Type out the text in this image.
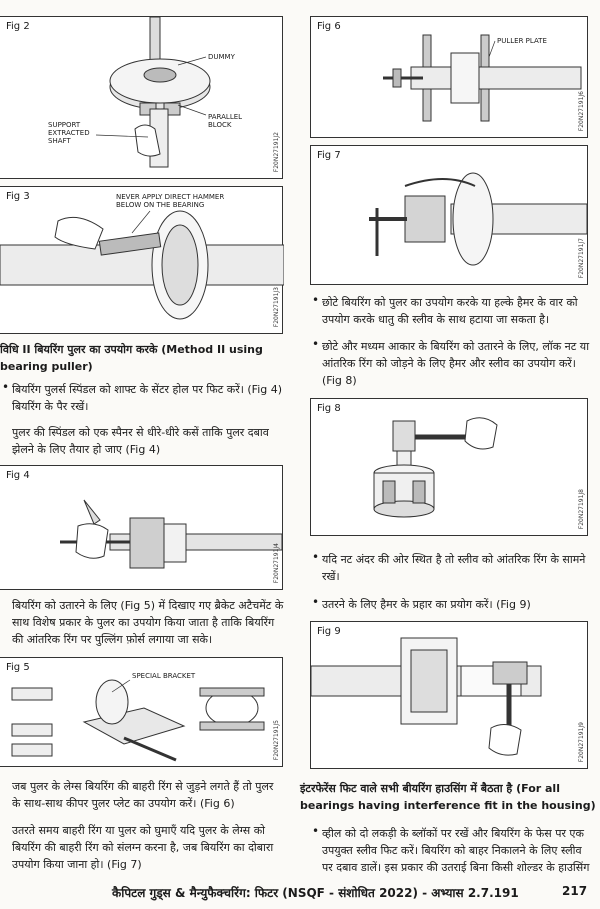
Fig 2
DUMMY
PARALLEL BLOCK
SUPPORT EXTRACTED SHAFT	F20N27191J2
Fig 3	NEVER APPLY DIRECT HAMMER BELOW ON THE BEARING
F20N27191J3
विधि II बियरिंग पुलर का उपयोग करके (Method II using
bearing puller)
• बियरिंग पुलर्स स्पिंडल को शाफ्ट के सेंटर होल पर फिट करें। (Fig 4)
बियरिंग के पैर रखें।
पुलर की स्पिंडल को एक स्पैनर से धीरे-धीरे कसें ताकि पुलर दबाव
झेलने के लिए तैयार हो जाए (Fig 4)
Fig 4
F20N27191J4
बियरिंग को उतारने के लिए (Fig 5) में दिखाए गए ब्रैकेट अटैचमेंट के
साथ विशेष प्रकार के पुलर का उपयोग किया जाता है ताकि बियरिंग
की आंतरिक रिंग पर पुल्लिंग फ़ोर्स लगाया जा सके।
Fig 5
SPECIAL BRACKET
F20N27191J5
जब पुलर के लेग्स बियरिंग की बाहरी रिंग से जुड़ने लगते हैं तो पुलर
के साथ-साथ कीपर पुलर प्लेट का उपयोग करें। (Fig 6)
उतरते समय बाहरी रिंग या पुलर को घुमाएँ यदि पुलर के लेग्स को
बियरिंग की बाहरी रिंग को संलग्न करना है, जब बियरिंग का दोबारा
उपयोग किया जाना हो। (Fig 7)
Fig 6
PULLER PLATE
F20N27191J6
Fig 7
F20N27191J7
• छोटे बियरिंग को पुलर का उपयोग करके या हल्के हैमर के वार को
उपयोग करके धातु की स्लीव के साथ हटाया जा सकता है।
• छोटे और मध्यम आकार के बियरिंग को उतारने के लिए, लॉक नट या
आंतरिक रिंग को जोड़ने के लिए हैमर और स्लीव का उपयोग करें।
(Fig 8)
Fig 8
F20N27191J8
• यदि नट अंदर की ओर स्थित है तो स्लीव को आंतरिक रिंग के सामने
रखें।
• उतरने के लिए हैमर के प्रहार का प्रयोग करें। (Fig 9)
Fig 9
F20N27191J9
इंटरफेरेंस फिट वाले सभी बीयरिंग हाउसिंग में बैठता है (For all
bearings having interference fit in the housing)
• व्हील को दो लकड़ी के ब्लॉकों पर रखें और बियरिंग के फेस पर एक
उपयुक्त स्लीव फिट करें। बियरिंग को बाहर निकालने के लिए स्लीव
पर दबाव डालें। इस प्रकार की उतराई बिना किसी शोल्डर के हाउसिंग
कैपिटल गुड्स & मैन्युफैक्चरिंग: फिटर (NSQF - संशोधित 2022) - अभ्यास 2.7.191	217
